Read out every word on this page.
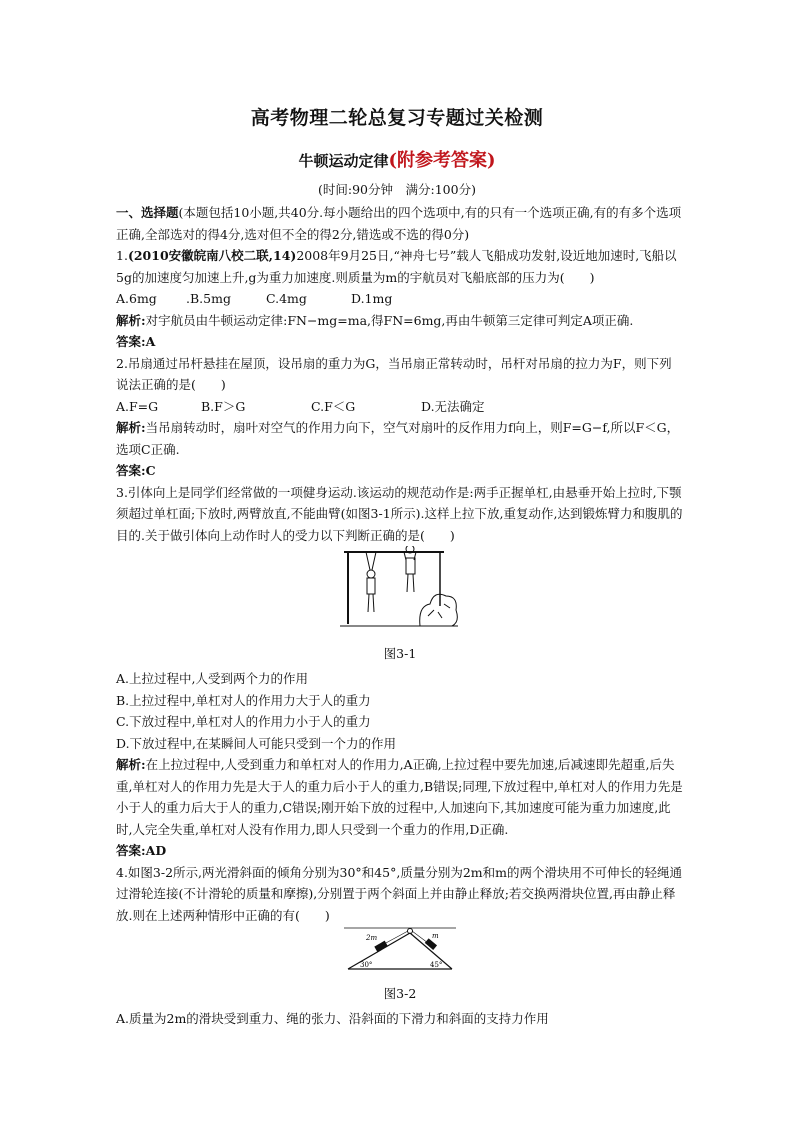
高考物理二轮总复习专题过关检测
牛顿运动定律(附参考答案)
(时间:90分钟　满分:100分)

一、选择题(本题包括10小题,共40分.每小题给出的四个选项中,有的只有一个选项正确,有的有多个选项正确,全部选对的得4分,选对但不全的得2分,错选或不选的得0分)

1.(2010安徽皖南八校二联,14)2008年9月25日,“神舟七号”载人飞船成功发射,设近地加速时,飞船以5g的加速度匀加速上升,g为重力加速度.则质量为m的宇航员对飞船底部的压力为(　　)

A.6mg	.B.5mg	C.4mg	D.1mg

解析:对宇航员由牛顿运动定律:FN−mg=ma,得FN=6mg,再由牛顿第三定律可判定A项正确.

答案:A

2.吊扇通过吊杆悬挂在屋顶，设吊扇的重力为G，当吊扇正常转动时，吊杆对吊扇的拉力为F，则下列说法正确的是(　　)

A.F=G	B.F＞G	C.F＜G	D.无法确定

解析:当吊扇转动时，扇叶对空气的作用力向下，空气对扇叶的反作用力f向上，则F=G−f,所以F＜G，选项C正确.

答案:C

3.引体向上是同学们经常做的一项健身运动.该运动的规范动作是:两手正握单杠,由悬垂开始上拉时,下颚须超过单杠面;下放时,两臂放直,不能曲臂(如图3-1所示).这样上拉下放,重复动作,达到锻炼臂力和腹肌的目的.关于做引体向上动作时人的受力以下判断正确的是(　　)

图3-1

A.上拉过程中,人受到两个力的作用

B.上拉过程中,单杠对人的作用力大于人的重力

C.下放过程中,单杠对人的作用力小于人的重力

D.下放过程中,在某瞬间人可能只受到一个力的作用

解析:在上拉过程中,人受到重力和单杠对人的作用力,A正确,上拉过程中要先加速,后减速即先超重,后失重,单杠对人的作用力先是大于人的重力后小于人的重力,B错误;同理,下放过程中,单杠对人的作用力先是小于人的重力后大于人的重力,C错误;刚开始下放的过程中,人加速向下,其加速度可能为重力加速度,此时,人完全失重,单杠对人没有作用力,即人只受到一个重力的作用,D正确.

答案:AD

4.如图3-2所示,两光滑斜面的倾角分别为30°和45°,质量分别为2m和m的两个滑块用不可伸长的轻绳通过滑轮连接(不计滑轮的质量和摩擦),分别置于两个斜面上并由静止释放;若交换两滑块位置,再由静止释放.则在上述两种情形中正确的有(　　)

2m	m
30°	45°
图3-2

A.质量为2m的滑块受到重力、绳的张力、沿斜面的下滑力和斜面的支持力作用
